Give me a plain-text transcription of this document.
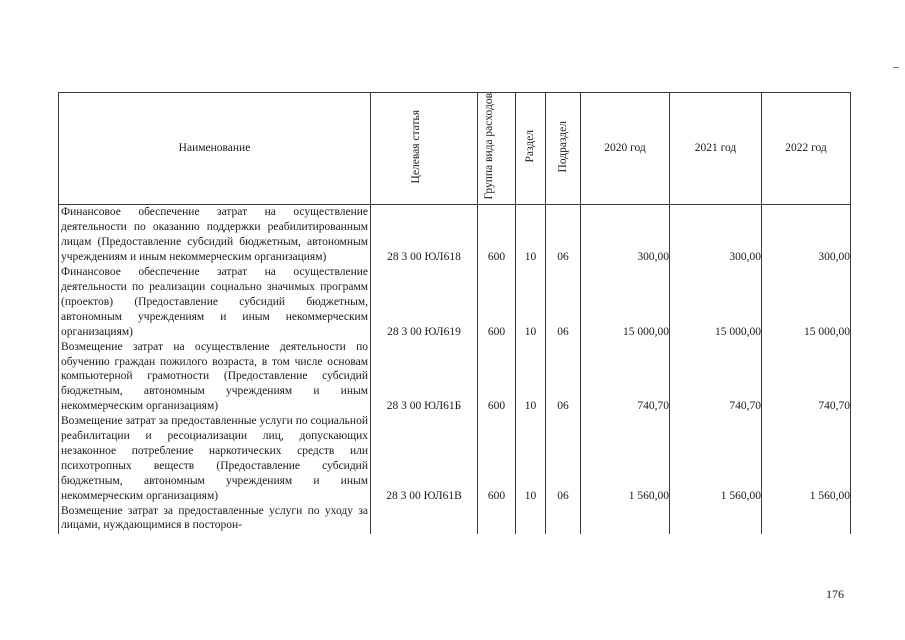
Наименование	Целевая статья	Группа вида расходов	Раздел	Подраздел	2020 год	2021 год	2022 год
Финансовое обеспечение затрат на осуществление деятельности по оказанию поддержки реабилитированным лицам (Предоставление субсидий бюджетным, автономным учреждениям и иным некоммерческим организациям)	28 3 00 ЮЛ618	600	10	06	300,00	300,00	300,00
Финансовое обеспечение затрат на осуществление деятельности по реализации социально значимых программ (проектов) (Предоставление субсидий бюджетным, автономным учреждениям и иным некоммерческим организациям)	28 3 00 ЮЛ619	600	10	06	15 000,00	15 000,00	15 000,00
Возмещение затрат на осуществление деятельности по обучению граждан пожилого возраста, в том числе основам компьютерной грамотности (Предоставление субсидий бюджетным, автономным учреждениям и иным некоммерческим организациям)	28 3 00 ЮЛ61Б	600	10	06	740,70	740,70	740,70
Возмещение затрат за предоставленные услуги по социальной реабилитации и ресоциализации лиц, допускающих незаконное потребление наркотических средств или психотропных веществ (Предоставление субсидий бюджетным, автономным учреждениям и иным некоммерческим организациям)	28 3 00 ЮЛ61В	600	10	06	1 560,00	1 560,00	1 560,00
Возмещение затрат за предоставленные услуги по уходу за лицами, нуждающимися в посторон-							
176
